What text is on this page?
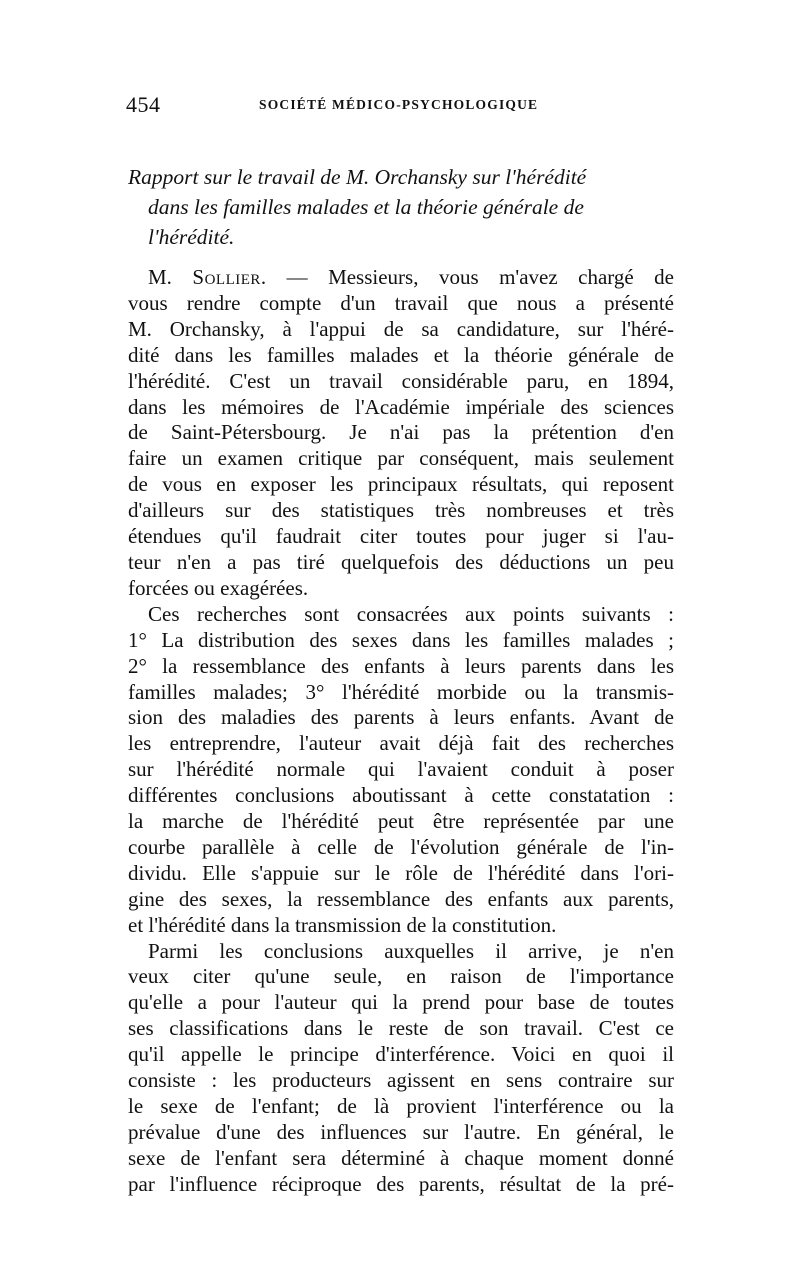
454	SOCIÉTÉ MÉDICO-PSYCHOLOGIQUE
Rapport sur le travail de M. Orchansky sur l'hérédité
dans les familles malades et la théorie générale de
l'hérédité.
M. Sollier. — Messieurs, vous m'avez chargé de
vous rendre compte d'un travail que nous a présenté
M. Orchansky, à l'appui de sa candidature, sur l'héré-
dité dans les familles malades et la théorie générale de
l'hérédité. C'est un travail considérable paru, en 1894,
dans les mémoires de l'Académie impériale des sciences
de Saint-Pétersbourg. Je n'ai pas la prétention d'en
faire un examen critique par conséquent, mais seulement
de vous en exposer les principaux résultats, qui reposent
d'ailleurs sur des statistiques très nombreuses et très
étendues qu'il faudrait citer toutes pour juger si l'au-
teur n'en a pas tiré quelquefois des déductions un peu
forcées ou exagérées.
Ces recherches sont consacrées aux points suivants :
1° La distribution des sexes dans les familles malades ;
2° la ressemblance des enfants à leurs parents dans les
familles malades; 3° l'hérédité morbide ou la transmis-
sion des maladies des parents à leurs enfants. Avant de
les entreprendre, l'auteur avait déjà fait des recherches
sur l'hérédité normale qui l'avaient conduit à poser
différentes conclusions aboutissant à cette constatation :
la marche de l'hérédité peut être représentée par une
courbe parallèle à celle de l'évolution générale de l'in-
dividu. Elle s'appuie sur le rôle de l'hérédité dans l'ori-
gine des sexes, la ressemblance des enfants aux parents,
et l'hérédité dans la transmission de la constitution.
Parmi les conclusions auxquelles il arrive, je n'en
veux citer qu'une seule, en raison de l'importance
qu'elle a pour l'auteur qui la prend pour base de toutes
ses classifications dans le reste de son travail. C'est ce
qu'il appelle le principe d'interférence. Voici en quoi il
consiste : les producteurs agissent en sens contraire sur
le sexe de l'enfant; de là provient l'interférence ou la
prévalue d'une des influences sur l'autre. En général, le
sexe de l'enfant sera déterminé à chaque moment donné
par l'influence réciproque des parents, résultat de la pré-
